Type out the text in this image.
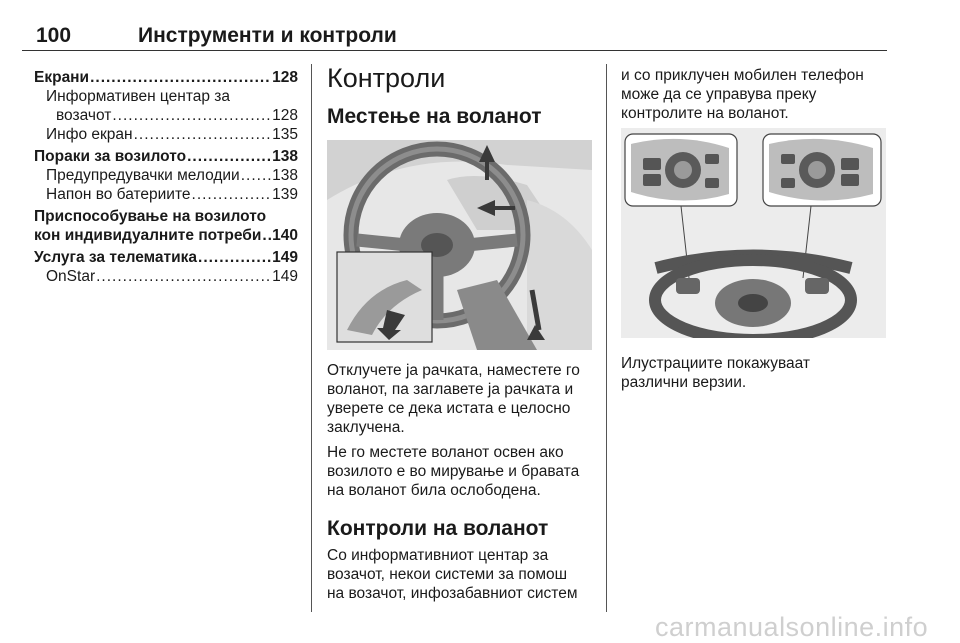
100	Инструменти и контроли
Екрани .....	128
Информативен центар за
возачот .....	128
Инфо екран .....	135
Пораки за возилото .....	138
Предупредувачки мелодии ..... 138
Напон во батериите .....	139
Приспособување на возилото
кон индивидуалните потреби ..... 140
Услуга за телематика .....	149
OnStar .....	149
Контроли
Местење на воланот

Отклучете ја рачката, наместете го
воланот, па заглавете ја рачката и
уверете се дека истата е целосно
заклучена.

Не го местете воланот освен ако
возилото е во мирување и бравата
на воланот била ослободена.

Контроли на воланот

Со информативниот центар за
возачот, некои системи за помош
на возачот, инфозабавниот систем

и со приклучен мобилен телефон
може да се управува преку
контролите на воланот.

Илустрациите покажуваат
различни верзии.

carmanualsonline.info
